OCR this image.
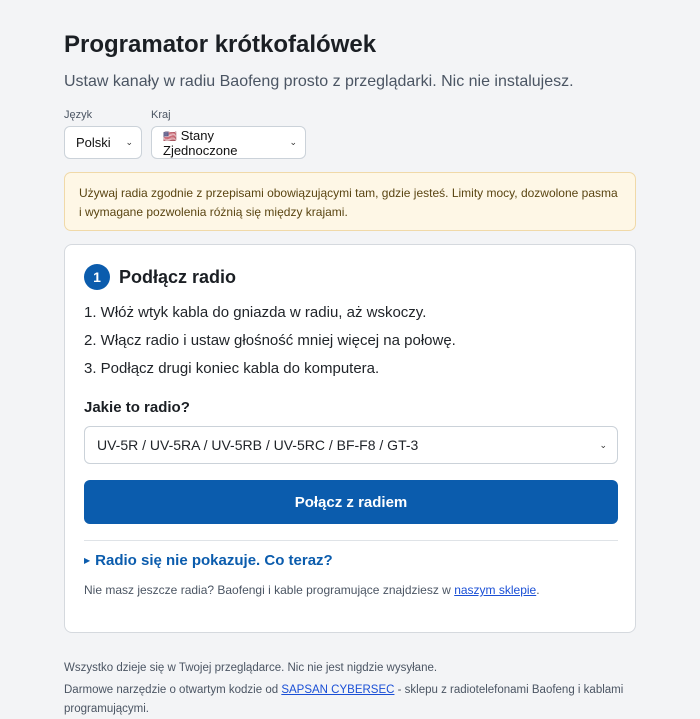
Programator krótkofalówek
Ustaw kanały w radiu Baofeng prosto z przeglądarki. Nic nie instalujesz.
Język
Polski ⌄
Kraj
🇺🇸 Stany Zjednoczone
⌄
Używaj radia zgodnie z przepisami obowiązującymi tam, gdzie jesteś. Limity mocy, dozwolone pasma i wymagane pozwolenia różnią się między krajami.
1	Podłącz radio
1. Włóż wtyk kabla do gniazda w radiu, aż wskoczy.
2. Włącz radio i ustaw głośność mniej więcej na połowę.
3. Podłącz drugi koniec kabla do komputera.
Jakie to radio?
UV-5R / UV-5RA / UV-5RB / UV-5RC / BF-F8 / GT-3	⌄
Połącz z radiem
▶ Radio się nie pokazuje. Co teraz?
Nie masz jeszcze radia? Baofengi i kable programujące znajdziesz w naszym sklepie.

Wszystko dzieje się w Twojej przeglądarce. Nic nie jest nigdzie wysyłane.

Darmowe narzędzie o otwartym kodzie od SAPSAN CYBERSEC - sklepu z radiotelefonami Baofeng i kablami programującymi.
